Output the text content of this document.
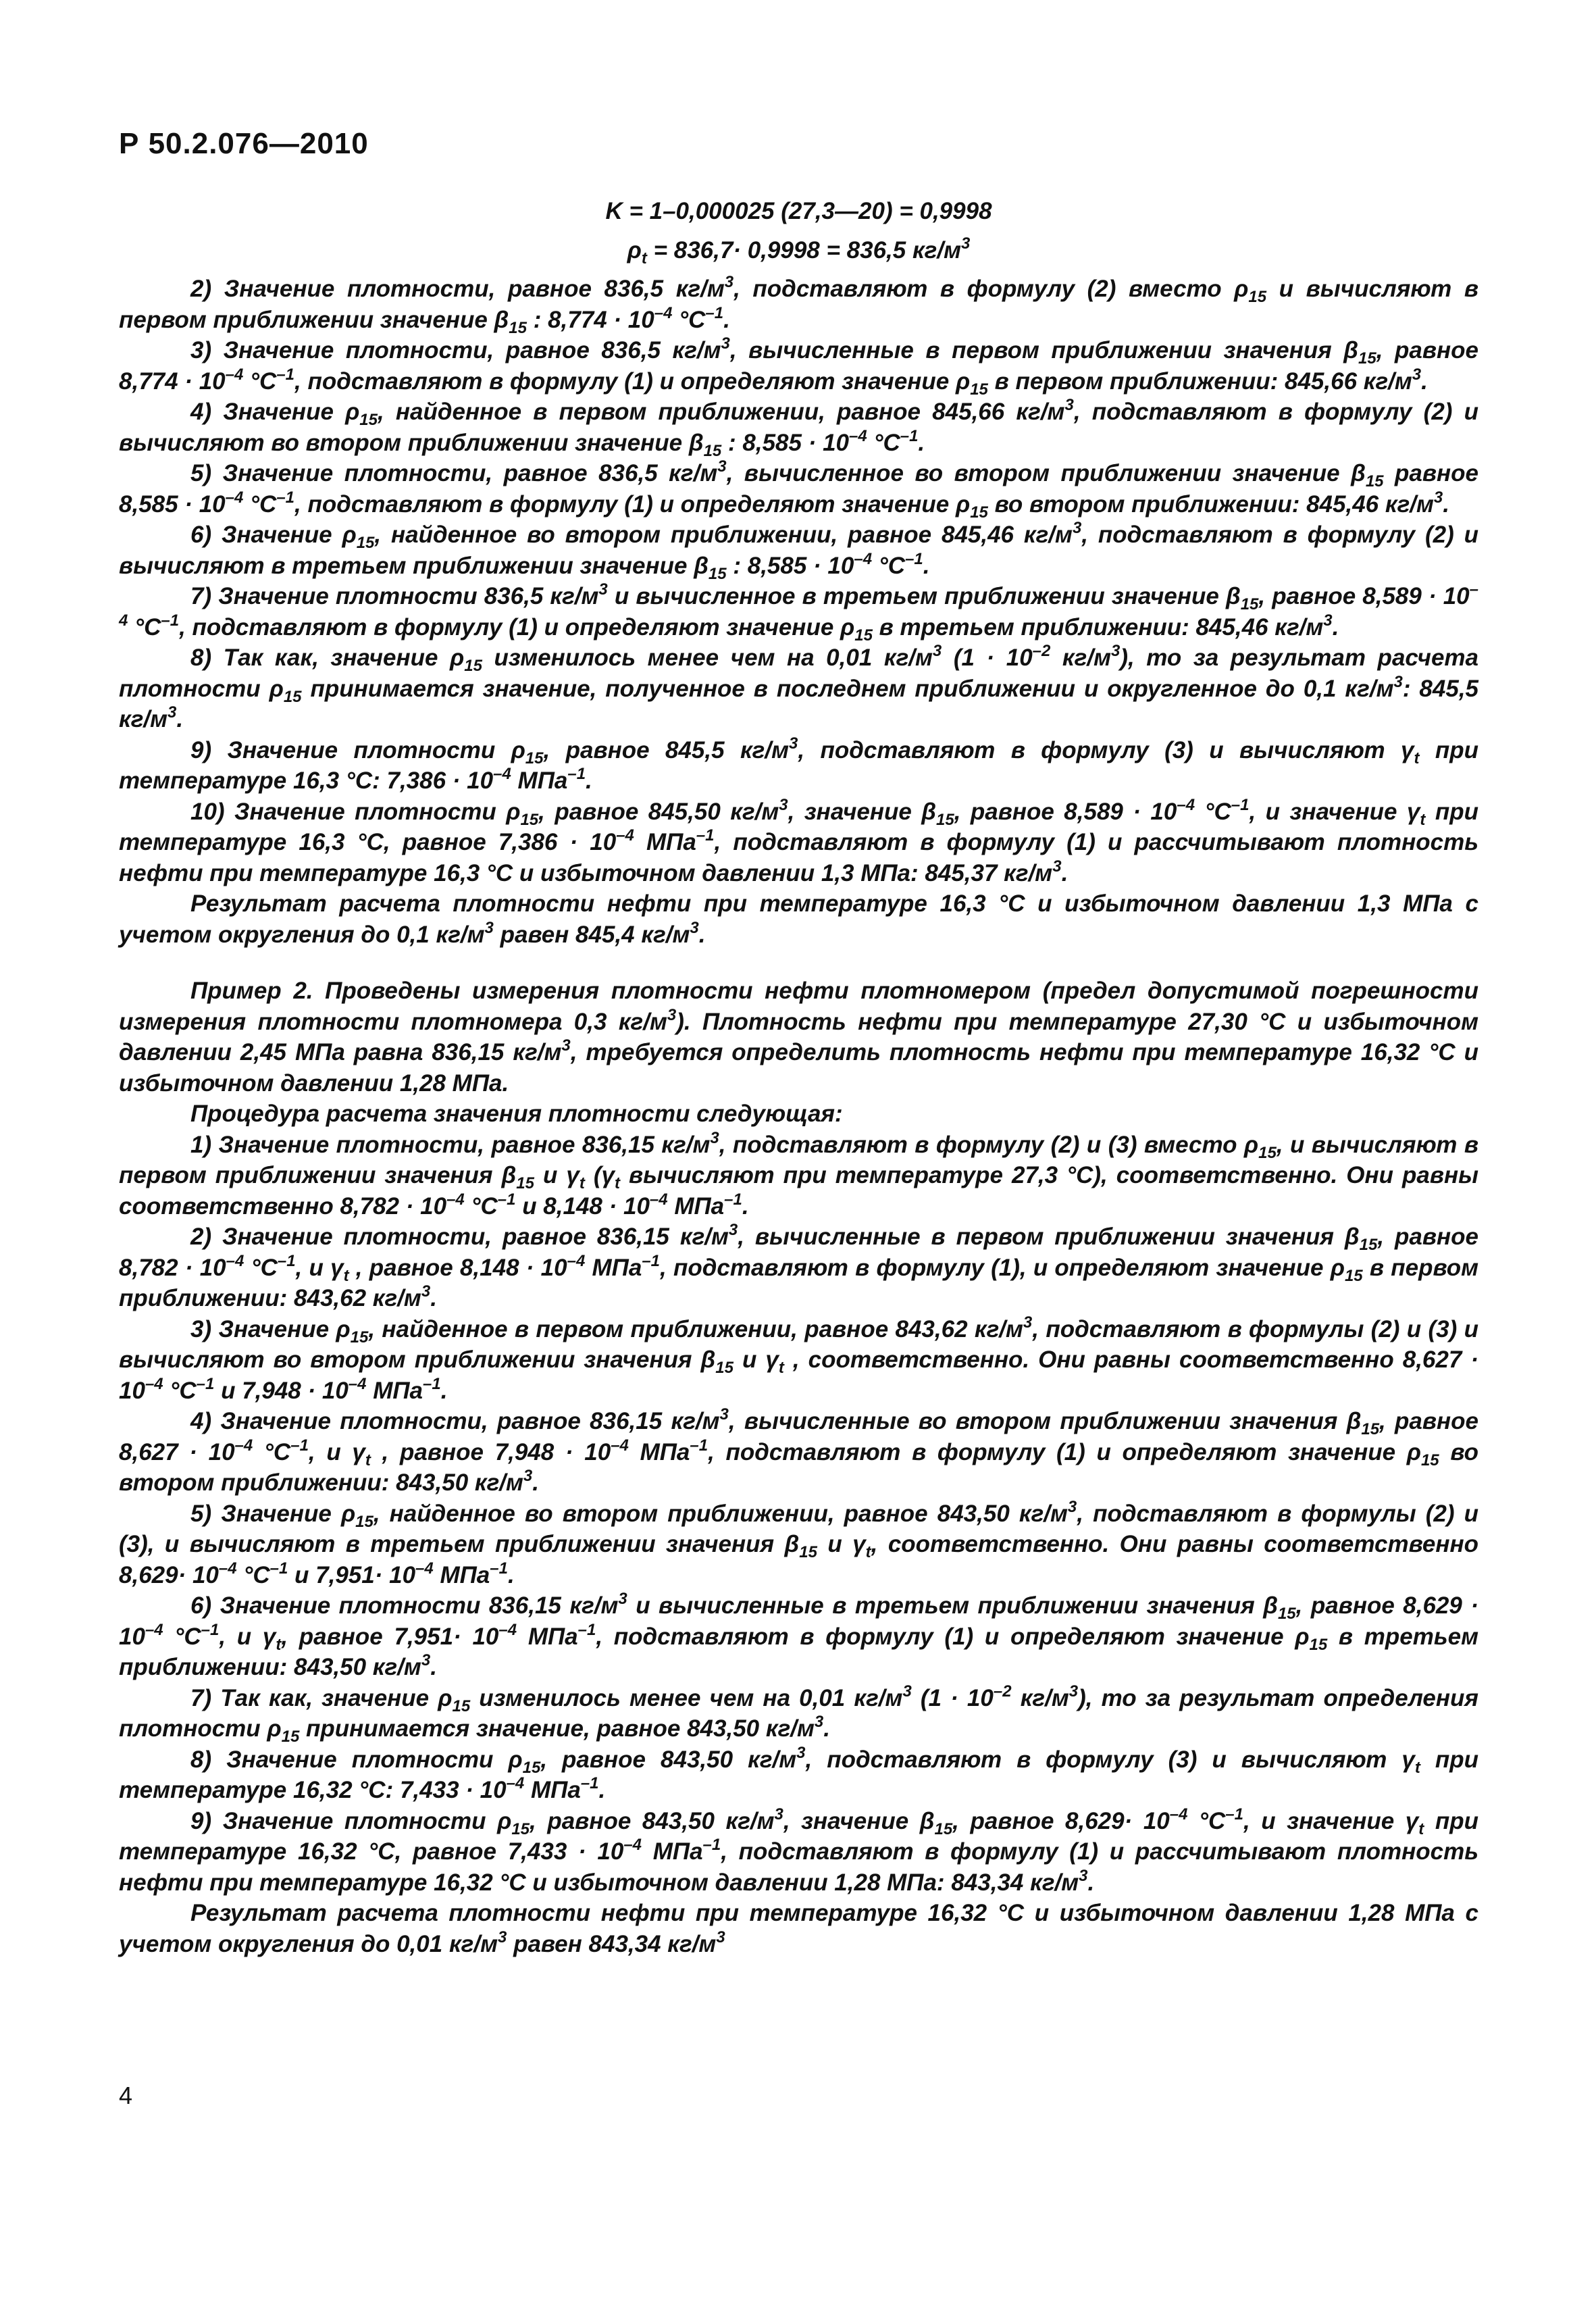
Р 50.2.076—2010

K = 1–0,000025 (27,3—20) = 0,9998

$\rho_t = 836,7\cdot 0,9998 = 836,5$ $кг/м^3$

2) Значение плотности, равное 836,5 $кг/м^3$, подставляют в формулу (2) вместо $\rho_{15}$ и вычисляют в первом приближении значение $\beta_{15}$ : $8,774 \cdot 10^{-4}$ $^\circ С^{-1}$.

3) Значение плотности, равное 836,5 $кг/м^3$, вычисленные в первом приближении значения $\beta_{15}$, равное $8,774 \cdot 10^{-4}$ $^\circ С^{-1}$, подставляют в формулу (1) и определяют значение $\rho_{15}$ в первом приближении: 845,66 $кг/м^3$.

4) Значение $\rho_{15}$, найденное в первом приближении, равное 845,66 $кг/м^3$, подставляют в формулу (2) и вычисляют во втором приближении значение $\beta_{15}$ : $8,585 \cdot 10^{-4}$ $^\circ С^{-1}$.

5) Значение плотности, равное 836,5 $кг/м^3$, вычисленное во втором приближении значение $\beta_{15}$ равное $8,585 \cdot 10^{-4}$ $^\circ С^{-1}$, подставляют в формулу (1) и определяют значение $\rho_{15}$ во втором приближении: 845,46 $кг/м^3$.

6) Значение $\rho_{15}$, найденное во втором приближении, равное 845,46 $кг/м^3$, подставляют в формулу (2) и вычисляют в третьем приближении значение $\beta_{15}$ : $8,585 \cdot 10^{-4}$ $^\circ С^{-1}$.

7) Значение плотности 836,5 $кг/м^3$ и вычисленное в третьем приближении значение $\beta_{15}$, равное $8,589 \cdot 10^{-4}$ $^\circ С^{-1}$, подставляют в формулу (1) и определяют значение $\rho_{15}$ в третьем приближении: 845,46 $кг/м^3$.

8) Так как, значение $\rho_{15}$ изменилось менее чем на 0,01 $кг/м^3$ ($1 \cdot 10^{-2}$ $кг/м^3$), то за результат расчета плотности $\rho_{15}$ принимается значение, полученное в последнем приближении и округленное до 0,1 $кг/м^3$: 845,5 $кг/м^3$.

9) Значение плотности $\rho_{15}$, равное 845,5 $кг/м^3$, подставляют в формулу (3) и вычисляют $\gamma_t$ при температуре 16,3 °С: $7,386 \cdot 10^{-4}$ МПа$^{-1}$.

10) Значение плотности $\rho_{15}$, равное 845,50 $кг/м^3$, значение $\beta_{15}$, равное $8,589 \cdot 10^{-4}$ $^\circ С^{-1}$, и значение $\gamma_t$ при температуре 16,3 °С, равное $7,386 \cdot 10^{-4}$ МПа$^{-1}$, подставляют в формулу (1) и рассчитывают плотность нефти при температуре 16,3 °С и избыточном давлении 1,3 МПа: 845,37 $кг/м^3$.

Результат расчета плотности нефти при температуре 16,3 °С и избыточном давлении 1,3 МПа с учетом округления до 0,1 $кг/м^3$ равен 845,4 $кг/м^3$.

Пример 2. Проведены измерения плотности нефти плотномером (предел допустимой погрешности измерения плотности плотномера 0,3 $кг/м^3$). Плотность нефти при температуре 27,30 °С и избыточном давлении 2,45 МПа равна 836,15 $кг/м^3$, требуется определить плотность нефти при температуре 16,32 °С и избыточном давлении 1,28 МПа.

Процедура расчета значения плотности следующая:

1) Значение плотности, равное 836,15 $кг/м^3$, подставляют в формулу (2) и (3) вместо $\rho_{15}$, и вычисляют в первом приближении значения $\beta_{15}$ и $\gamma_t$ ($\gamma_t$ вычисляют при температуре 27,3 °С), соответственно. Они равны соответственно $8,782 \cdot 10^{-4}$ $^\circ С^{-1}$ и $8,148 \cdot 10^{-4}$ МПа$^{-1}$.

2) Значение плотности, равное 836,15 $кг/м^3$, вычисленные в первом приближении значения $\beta_{15}$, равное $8,782 \cdot 10^{-4}$ $^\circ С^{-1}$, и $\gamma_t$ , равное $8,148 \cdot 10^{-4}$ МПа$^{-1}$, подставляют в формулу (1), и определяют значение $\rho_{15}$ в первом приближении: 843,62 $кг/м^3$.

3) Значение $\rho_{15}$, найденное в первом приближении, равное 843,62 $кг/м^3$, подставляют в формулы (2) и (3) и вычисляют во втором приближении значения $\beta_{15}$ и $\gamma_t$ , соответственно. Они равны соответственно $8,627 \cdot 10^{-4}$ $^\circ С^{-1}$ и $7,948 \cdot 10^{-4}$ МПа$^{-1}$.

4) Значение плотности, равное 836,15 $кг/м^3$, вычисленные во втором приближении значения $\beta_{15}$, равное $8,627 \cdot 10^{-4}$ $^\circ С^{-1}$, и $\gamma_t$ , равное $7,948 \cdot 10^{-4}$ МПа$^{-1}$, подставляют в формулу (1) и определяют значение $\rho_{15}$ во втором приближении: 843,50 $кг/м^3$.

5) Значение $\rho_{15}$, найденное во втором приближении, равное 843,50 $кг/м^3$, подставляют в формулы (2) и (3), и вычисляют в третьем приближении значения $\beta_{15}$ и $\gamma_t$, соответственно. Они равны соответственно $8,629\cdot 10^{-4}$ $^\circ С^{-1}$ и $7,951\cdot 10^{-4}$ МПа$^{-1}$.

6) Значение плотности 836,15 $кг/м^3$ и вычисленные в третьем приближении значения $\beta_{15}$, равное $8,629 \cdot 10^{-4}$ $^\circ С^{-1}$, и $\gamma_t$, равное $7,951\cdot 10^{-4}$ МПа$^{-1}$, подставляют в формулу (1) и определяют значение $\rho_{15}$ в третьем приближении: 843,50 $кг/м^3$.

7) Так как, значение $\rho_{15}$ изменилось менее чем на 0,01 $кг/м^3$ ($1 \cdot 10^{-2}$ $кг/м^3$), то за результат определения плотности $\rho_{15}$ принимается значение, равное 843,50 $кг/м^3$.

8) Значение плотности $\rho_{15}$, равное 843,50 $кг/м^3$, подставляют в формулу (3) и вычисляют $\gamma_t$ при температуре 16,32 °С: $7,433 \cdot 10^{-4}$ МПа$^{-1}$.

9) Значение плотности $\rho_{15}$, равное 843,50 $кг/м^3$, значение $\beta_{15}$, равное $8,629\cdot 10^{-4}$ $^\circ С^{-1}$, и значение $\gamma_t$ при температуре 16,32 °С, равное $7,433 \cdot 10^{-4}$ МПа$^{-1}$, подставляют в формулу (1) и рассчитывают плотность нефти при температуре 16,32 °С и избыточном давлении 1,28 МПа: 843,34 $кг/м^3$.

Результат расчета плотности нефти при температуре 16,32 °С и избыточном давлении 1,28 МПа с учетом округления до 0,01 $кг/м^3$ равен 843,34 $кг/м^3$

4
